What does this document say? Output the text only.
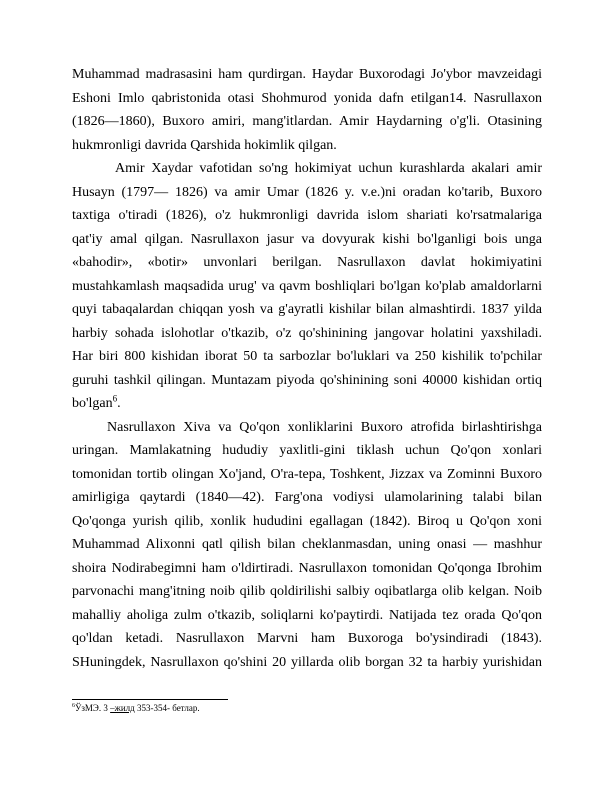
Muhammad madrasasini ham qurdirgan. Haydar Buxorodagi Jo'ybor mavzeidagi

Eshoni Imlo qabristonida otasi Shohmurod yonida dafn etilgan14. Nasrullaxon

(1826—1860), Buxoro amiri, mang'itlardan. Amir Haydarning o'g'li. Otasining

hukmronligi davrida Qarshida hokimlik qilgan.

Amir Xaydar vafotidan so'ng hokimiyat uchun kurashlarda akalari amir

Husayn (1797— 1826) va amir Umar (1826 y. v.e.)ni oradan ko'tarib, Buxoro

taxtiga o'tiradi (1826), o'z hukmronligi davrida islom shariati ko'rsatmalariga

qat'iy amal qilgan. Nasrullaxon jasur va dovyurak kishi bo'lganligi bois unga

«bahodir», «botir» unvonlari berilgan. Nasrullaxon davlat hokimiyatini

mustahkamlash maqsadida urug' va qavm boshliqlari bo'lgan ko'plab amaldorlarni

quyi tabaqalardan chiqqan yosh va g'ayratli kishilar bilan almashtirdi. 1837 yilda

harbiy sohada islohotlar o'tkazib, o'z qo'shinining jangovar holatini yaxshiladi.

Har biri 800 kishidan iborat 50 ta sarbozlar bo'luklari va 250 kishilik to'pchilar

guruhi tashkil qilingan. Muntazam piyoda qo'shinining soni 40000 kishidan ortiq

bo'lgan$^6$.

Nasrullaxon Xiva va Qo'qon xonliklarini Buxoro atrofida birlashtirishga

uringan. Mamlakatning hududiy yaxlitli-gini tiklash uchun Qo'qon xonlari

tomonidan tortib olingan Xo'jand, O'ra-tepa, Toshkent, Jizzax va Zominni Buxoro

amirligiga qaytardi (1840—42). Farg'ona vodiysi ulamolarining talabi bilan

Qo'qonga yurish qilib, xonlik hududini egallagan (1842). Biroq u Qo'qon xoni

Muhammad Alixonni qatl qilish bilan cheklanmasdan, uning onasi — mashhur

shoira Nodirabegimni ham o'ldirtiradi. Nasrullaxon tomonidan Qo'qonga Ibrohim

parvonachi mang'itning noib qilib qoldirilishi salbiy oqibatlarga olib kelgan. Noib

mahalliy aholiga zulm o'tkazib, soliqlarni ko'paytirdi. Natijada tez orada Qo'qon

qo'ldan ketadi. Nasrullaxon Marvni ham Buxoroga bo'ysindiradi (1843).

SHuningdek, Nasrullaxon qo'shini 20 yillarda olib borgan 32 ta harbiy yurishidan

$^6$ЎзМЭ. 3 –жилд 353-354- бетлар.
